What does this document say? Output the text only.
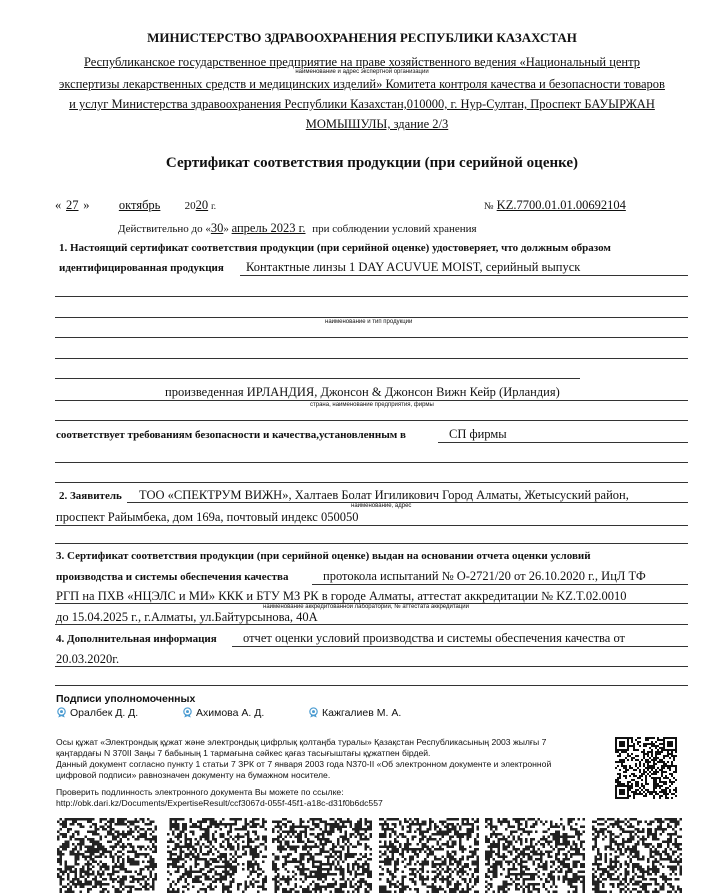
МИНИСТЕРСТВО ЗДРАВООХРАНЕНИЯ РЕСПУБЛИКИ КАЗАХСТАН
Республиканское государственное предприятие на праве хозяйственного ведения «Национальный центр
наименование и адрес экспертной организации
экспертизы лекарственных средств и медицинских изделий» Комитета контроля качества и безопасности товаров
и услуг Министерства здравоохранения Республики Казахстан,010000, г. Нур-Султан, Проспект БАУЫРЖАН
МОМЫШУЛЫ, здание 2/3
Сертификат соответствия продукции (при серийной оценке)
« 27 » октябрь 2020 г.	№ KZ.7700.01.01.00692104
Действительно до «30» апрель 2023 г. при соблюдении условий хранения
1. Настоящий сертификат соответствия продукции (при серийной оценке) удостоверяет, что должным образом
идентифицированная продукция Контактные линзы 1 DAY ACUVUE MOIST, серийный выпуск
наименование и тип продукции
произведенная ИРЛАНДИЯ, Джонсон & Джонсон Вижн Кейр (Ирландия)
страна, наименование предприятия, фирмы
соответствует требованиям безопасности и качества,установленным в	СП фирмы
2. Заявитель ТОО «СПЕКТРУМ ВИЖН», Халтаев Болат Игиликович Город Алматы, Жетысуский район,
наименование, адрес
проспект Райымбека, дом 169а, почтовый индекс 050050
3. Сертификат соответствия продукции (при серийной оценке) выдан на основании отчета оценки условий
производства и системы обеспечения качества	протокола испытаний № О-2721/20 от 26.10.2020 г., ИцЛ ТФ
РГП на ПХВ «НЦЭЛС и МИ» ККК и БТУ МЗ РК в городе Алматы, аттестат аккредитации № KZ.T.02.0010
наименование аккредитованной лаборатории, № аттестата аккредитации
до 15.04.2025 г., г.Алматы, ул.Байтурсынова, 40А
4. Дополнительная информация отчет оценки условий производства и системы обеспечения качества от
20.03.2020г.
Подписи уполномоченных
Оралбек Д. Д.	Ахимова А. Д.	Кажгалиев М. А.
Осы құжат «Электрондық құжат және электрондық цифрлық қолтаңба туралы» Қазақстан Республикасының 2003 жылғы 7
қаңтардағы N 370II Заңы 7 бабының 1 тармағына сәйкес қағаз тасығыштағы құжатпен бірдей.
Данный документ согласно пункту 1 статьи 7 ЗРК от 7 января 2003 года N370-II «Об электронном документе и электронной
цифровой подписи» равнозначен документу на бумажном носителе.
Проверить подлинность электронного документа Вы можете по ссылке:
http://obk.dari.kz/Documents/ExpertiseResult/ccf3067d-055f-45f1-a18c-d31f0b6dc557
